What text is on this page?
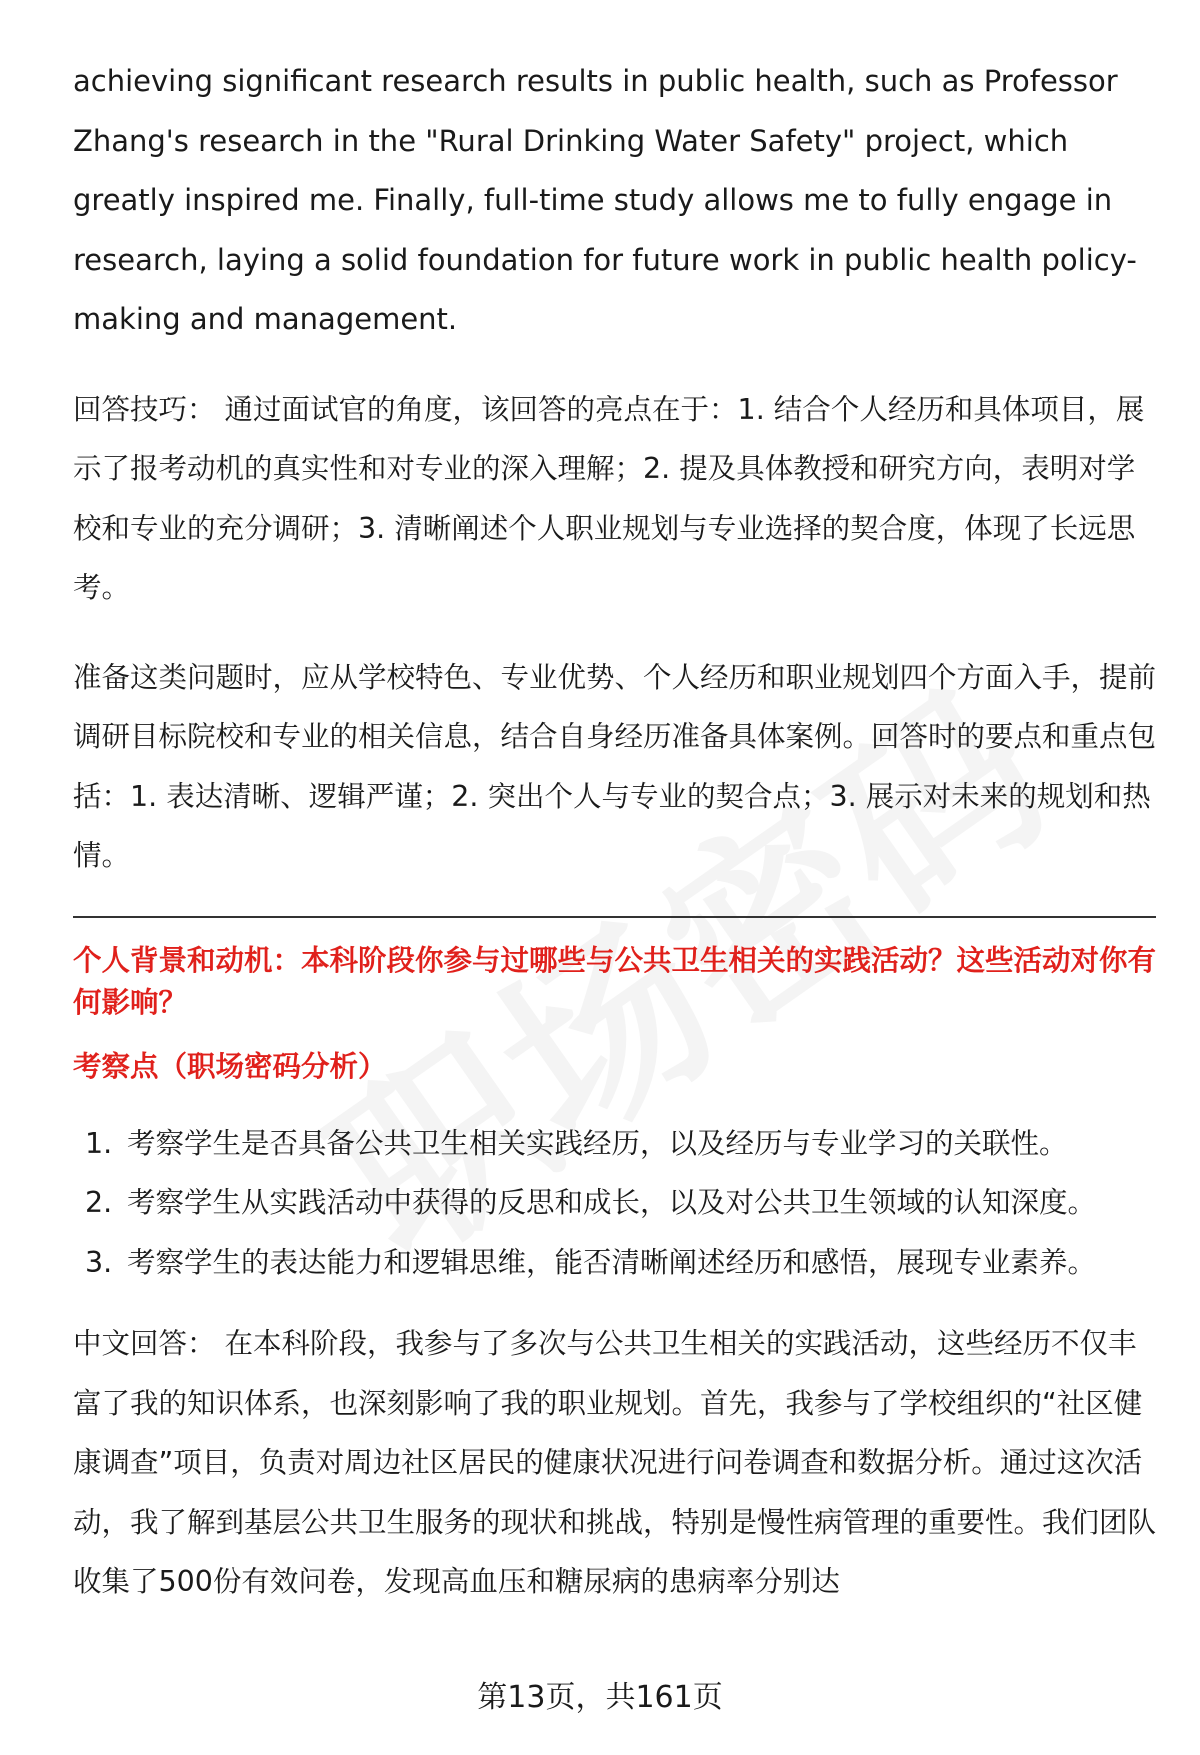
achieving significant research results in public health, such as Professor Zhang's research in the "Rural Drinking Water Safety" project, which greatly inspired me. Finally, full-time study allows me to fully engage in research, laying a solid foundation for future work in public health policy-making and management.

回答技巧： 通过面试官的角度，该回答的亮点在于：1. 结合个人经历和具体项目，展示了报考动机的真实性和对专业的深入理解；2. 提及具体教授和研究方向，表明对学校和专业的充分调研；3. 清晰阐述个人职业规划与专业选择的契合度，体现了长远思考。

准备这类问题时，应从学校特色、专业优势、个人经历和职业规划四个方面入手，提前调研目标院校和专业的相关信息，结合自身经历准备具体案例。回答时的要点和重点包括：1. 表达清晰、逻辑严谨；2. 突出个人与专业的契合点；3. 展示对未来的规划和热情。

个人背景和动机：本科阶段你参与过哪些与公共卫生相关的实践活动？这些活动对你有何影响？
考察点（职场密码分析）
1. 考察学生是否具备公共卫生相关实践经历，以及经历与专业学习的关联性。
2. 考察学生从实践活动中获得的反思和成长，以及对公共卫生领域的认知深度。
3. 考察学生的表达能力和逻辑思维，能否清晰阐述经历和感悟，展现专业素养。

中文回答： 在本科阶段，我参与了多次与公共卫生相关的实践活动，这些经历不仅丰富了我的知识体系，也深刻影响了我的职业规划。首先，我参与了学校组织的“社区健康调查”项目，负责对周边社区居民的健康状况进行问卷调查和数据分析。通过这次活动，我了解到基层公共卫生服务的现状和挑战，特别是慢性病管理的重要性。我们团队收集了500份有效问卷，发现高血压和糖尿病的患病率分别达

第13页，共161页
